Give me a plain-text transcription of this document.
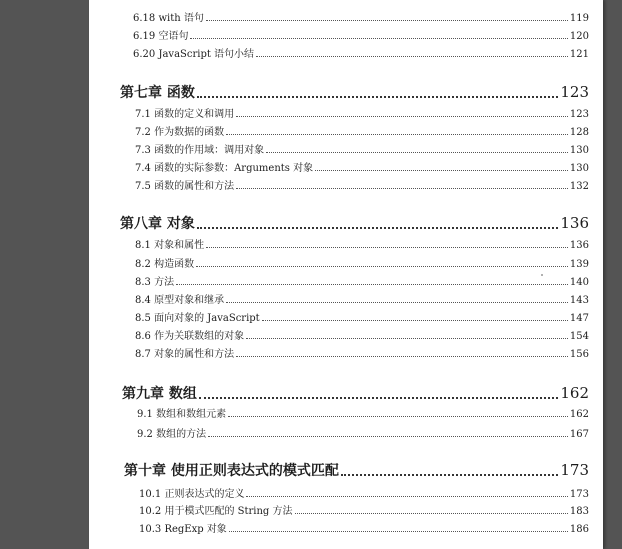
6.18 with 语句	119
6.19 空语句	120
6.20 JavaScript 语句小结	121
第七章 函数	123
7.1 函数的定义和调用	123
7.2 作为数据的函数	128
7.3 函数的作用域：调用对象	130
7.4 函数的实际参数：Arguments 对象	130
7.5 函数的属性和方法	132
第八章 对象	136
8.1 对象和属性	136
8.2 构造函数	139
8.3 方法	140
8.4 原型对象和继承	143
8.5 面向对象的 JavaScript	147
8.6 作为关联数组的对象	154
8.7 对象的属性和方法	156
第九章 数组	162
9.1 数组和数组元素	162
9.2 数组的方法	167
第十章 使用正则表达式的模式匹配	173
10.1 正则表达式的定义	173
10.2 用于模式匹配的 String 方法	183
10.3 RegExp 对象	186
